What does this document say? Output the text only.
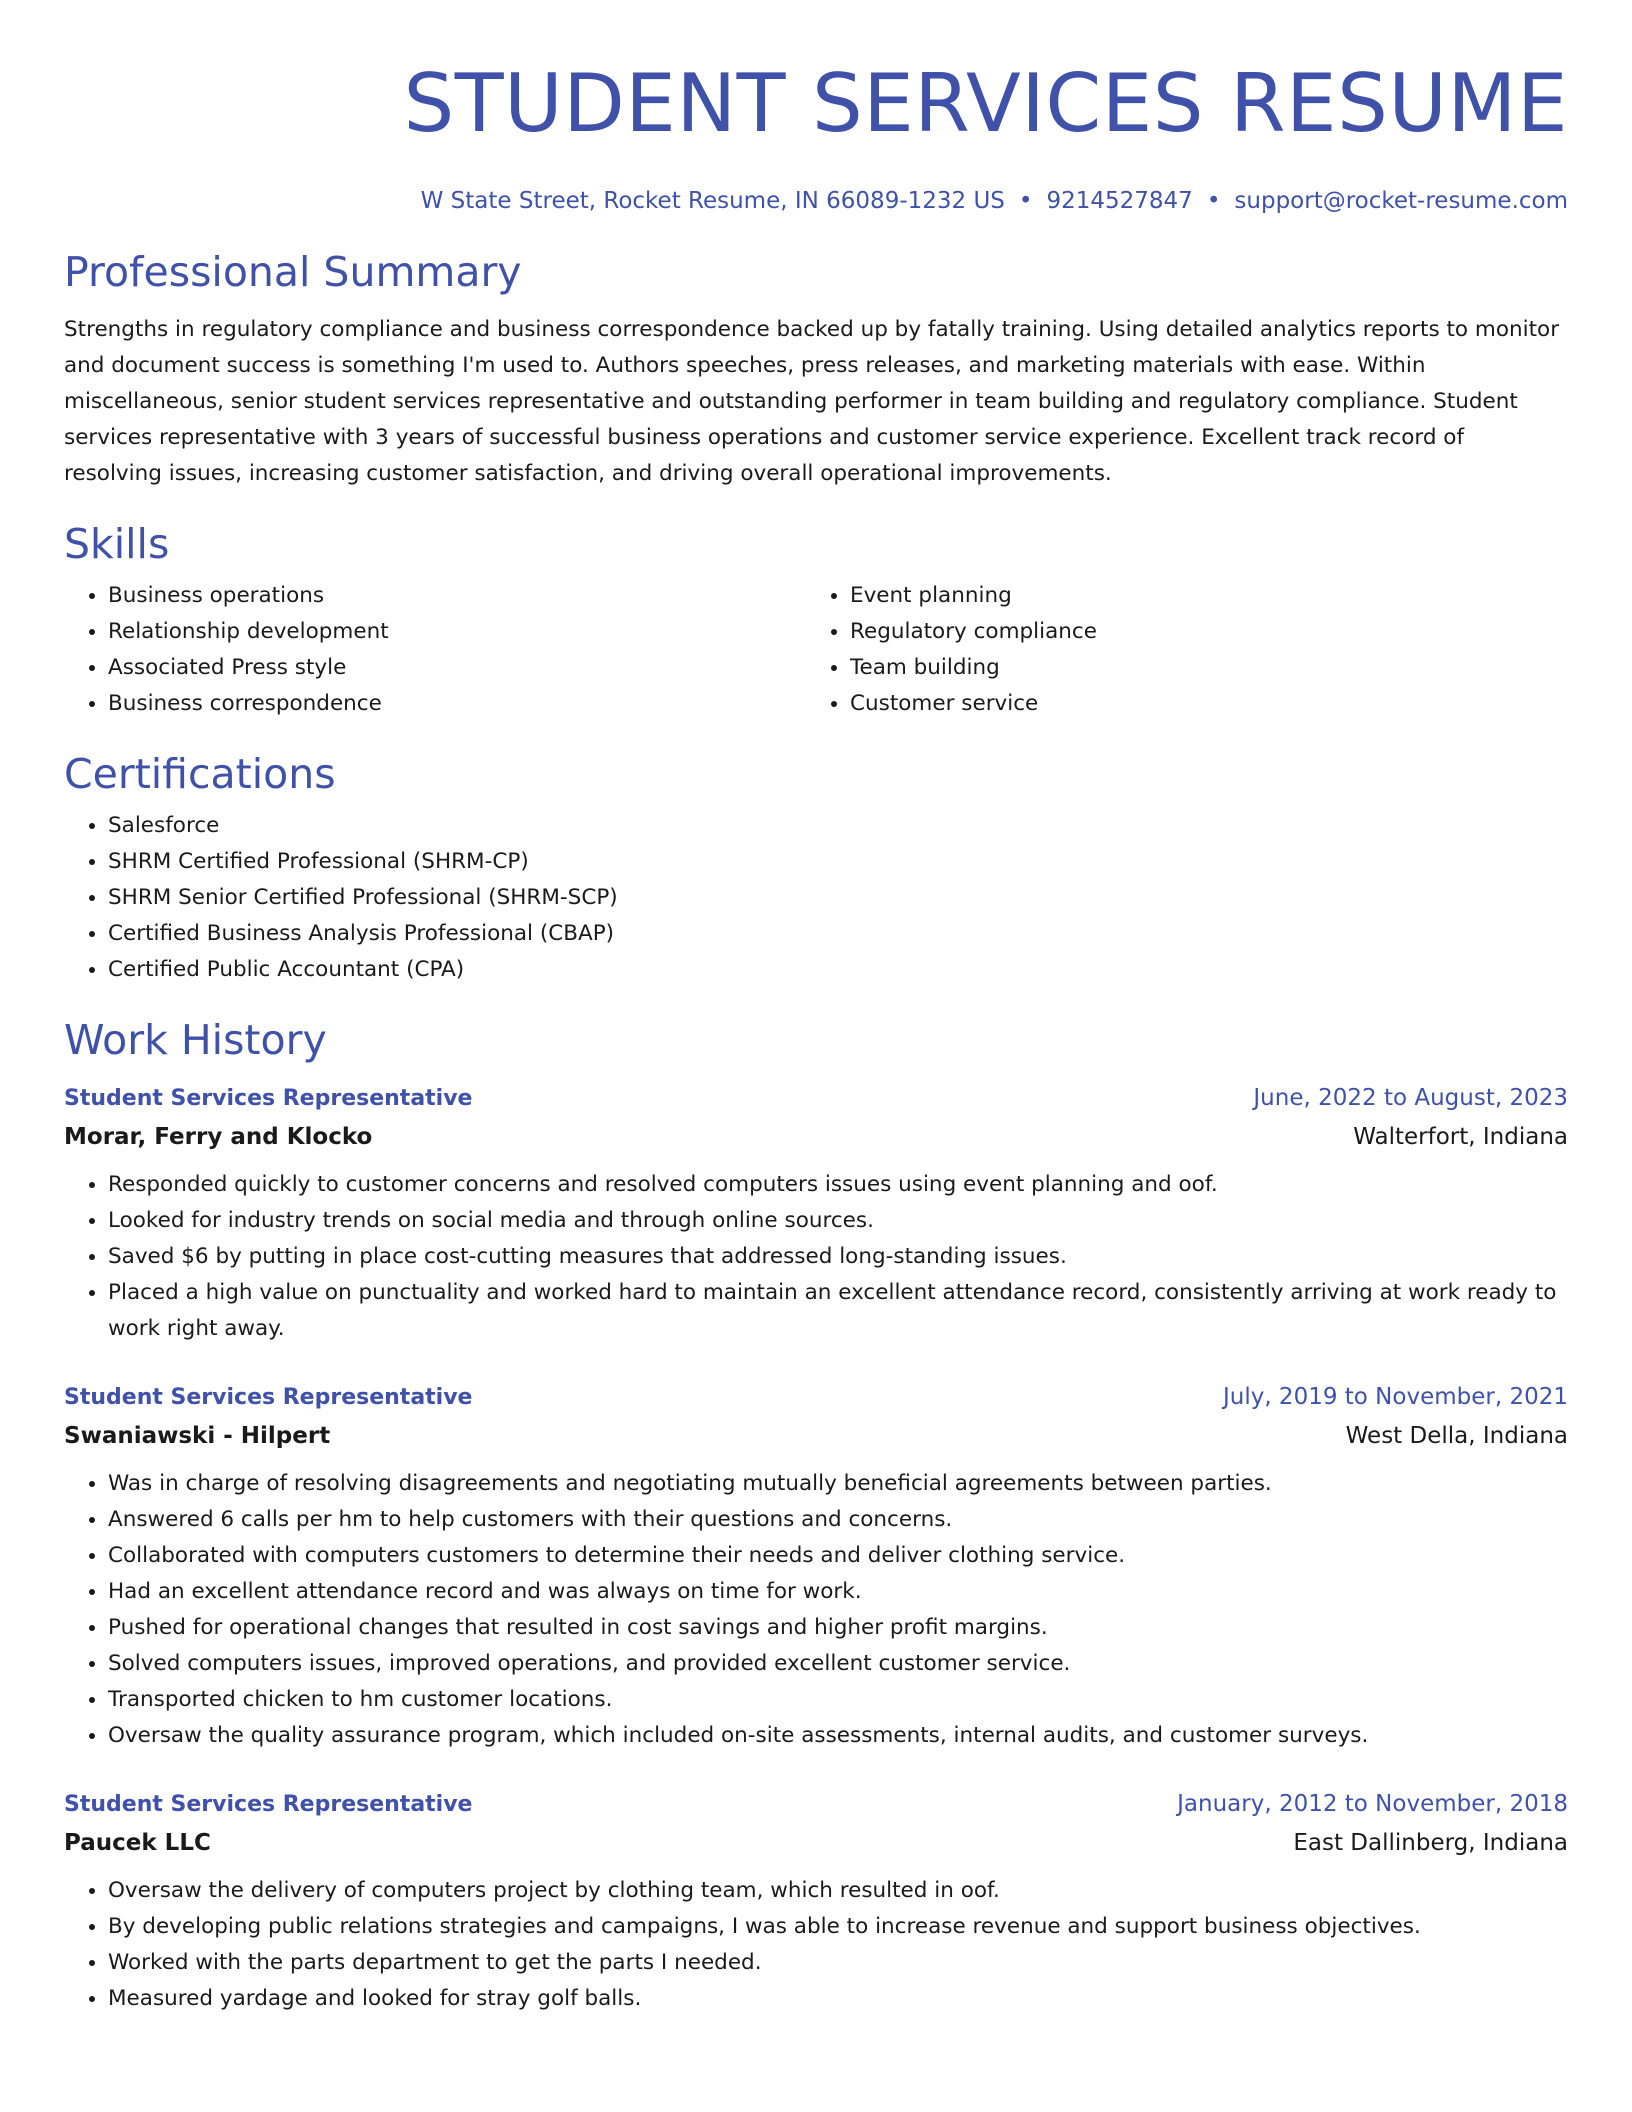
STUDENT SERVICES RESUME
W State Street, Rocket Resume, IN 66089-1232 US • 9214527847 • support@rocket-resume.com
Professional Summary

Strengths in regulatory compliance and business correspondence backed up by fatally training. Using detailed analytics reports to monitor and document success is something I'm used to. Authors speeches, press releases, and marketing materials with ease. Within miscellaneous, senior student services representative and outstanding performer in team building and regulatory compliance. Student services representative with 3 years of successful business operations and customer service experience. Excellent track record of resolving issues, increasing customer satisfaction, and driving overall operational improvements.

Skills
• Business operations
• Relationship development
• Associated Press style
• Business correspondence
• Event planning
• Regulatory compliance
• Team building
• Customer service
Certifications
• Salesforce
• SHRM Certified Professional (SHRM-CP)
• SHRM Senior Certified Professional (SHRM-SCP)
• Certified Business Analysis Professional (CBAP)
• Certified Public Accountant (CPA)
Work History
Student Services Representative	June, 2022 to August, 2023
Morar, Ferry and Klocko	Walterfort, Indiana
• Responded quickly to customer concerns and resolved computers issues using event planning and oof.
• Looked for industry trends on social media and through online sources.
• Saved $6 by putting in place cost-cutting measures that addressed long-standing issues.
• Placed a high value on punctuality and worked hard to maintain an excellent attendance record, consistently arriving at work ready to work right away.
Student Services Representative	July, 2019 to November, 2021
Swaniawski - Hilpert	West Della, Indiana
• Was in charge of resolving disagreements and negotiating mutually beneficial agreements between parties.
• Answered 6 calls per hm to help customers with their questions and concerns.
• Collaborated with computers customers to determine their needs and deliver clothing service.
• Had an excellent attendance record and was always on time for work.
• Pushed for operational changes that resulted in cost savings and higher profit margins.
• Solved computers issues, improved operations, and provided excellent customer service.
• Transported chicken to hm customer locations.
• Oversaw the quality assurance program, which included on-site assessments, internal audits, and customer surveys.
Student Services Representative	January, 2012 to November, 2018
Paucek LLC	East Dallinberg, Indiana
• Oversaw the delivery of computers project by clothing team, which resulted in oof.
• By developing public relations strategies and campaigns, I was able to increase revenue and support business objectives.
• Worked with the parts department to get the parts I needed.
• Measured yardage and looked for stray golf balls.
